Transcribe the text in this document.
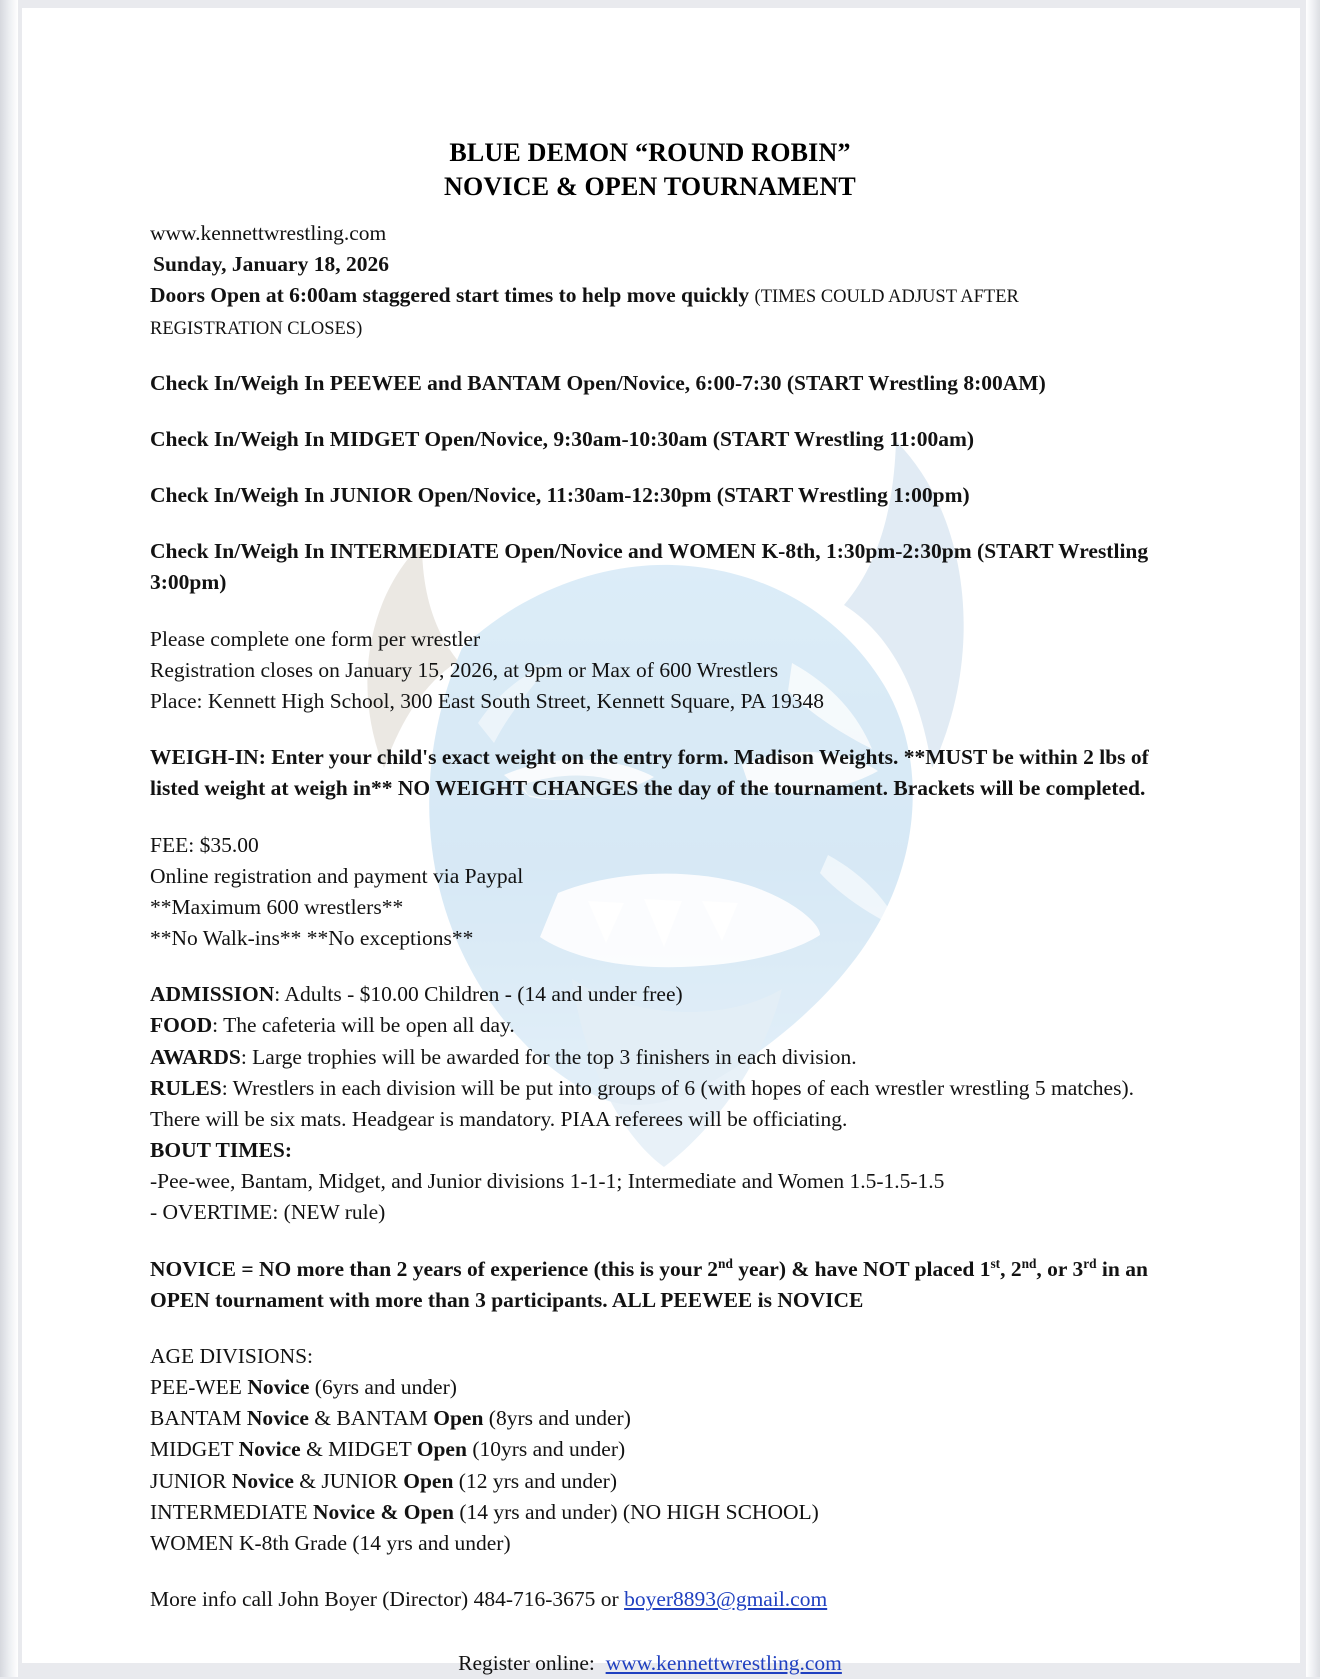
BLUE DEMON “ROUND ROBIN”
NOVICE & OPEN TOURNAMENT
www.kennettwrestling.com
Sunday, January 18, 2026
Doors Open at 6:00am staggered start times to help move quickly (TIMES COULD ADJUST AFTER REGISTRATION CLOSES)
Check In/Weigh In PEEWEE and BANTAM Open/Novice, 6:00-7:30 (START Wrestling 8:00AM)
Check In/Weigh In MIDGET Open/Novice, 9:30am-10:30am (START Wrestling 11:00am)
Check In/Weigh In JUNIOR Open/Novice, 11:30am-12:30pm (START Wrestling 1:00pm)
Check In/Weigh In INTERMEDIATE Open/Novice and WOMEN K-8th, 1:30pm-2:30pm (START Wrestling 3:00pm)
Please complete one form per wrestler
Registration closes on January 15, 2026, at 9pm or Max of 600 Wrestlers
Place: Kennett High School, 300 East South Street, Kennett Square, PA 19348
WEIGH-IN: Enter your child's exact weight on the entry form. Madison Weights. **MUST be within 2 lbs of listed weight at weigh in** NO WEIGHT CHANGES the day of the tournament. Brackets will be completed.
FEE: $35.00
Online registration and payment via Paypal
**Maximum 600 wrestlers**
**No Walk-ins** **No exceptions**
ADMISSION: Adults - $10.00 Children - (14 and under free)
FOOD: The cafeteria will be open all day.
AWARDS: Large trophies will be awarded for the top 3 finishers in each division.
RULES: Wrestlers in each division will be put into groups of 6 (with hopes of each wrestler wrestling 5 matches). There will be six mats. Headgear is mandatory. PIAA referees will be officiating.
BOUT TIMES:
-Pee-wee, Bantam, Midget, and Junior divisions 1-1-1; Intermediate and Women 1.5-1.5-1.5
- OVERTIME: (NEW rule)
NOVICE = NO more than 2 years of experience (this is your 2nd year) & have NOT placed 1st, 2nd, or 3rd in an OPEN tournament with more than 3 participants. ALL PEEWEE is NOVICE
AGE DIVISIONS:
PEE-WEE Novice (6yrs and under)
BANTAM Novice & BANTAM Open (8yrs and under)
MIDGET Novice & MIDGET Open (10yrs and under)
JUNIOR Novice & JUNIOR Open (12 yrs and under)
INTERMEDIATE Novice & Open (14 yrs and under) (NO HIGH SCHOOL)
WOMEN K-8th Grade (14 yrs and under)
More info call John Boyer (Director) 484-716-3675 or boyer8893@gmail.com
Register online: www.kennettwrestling.com
